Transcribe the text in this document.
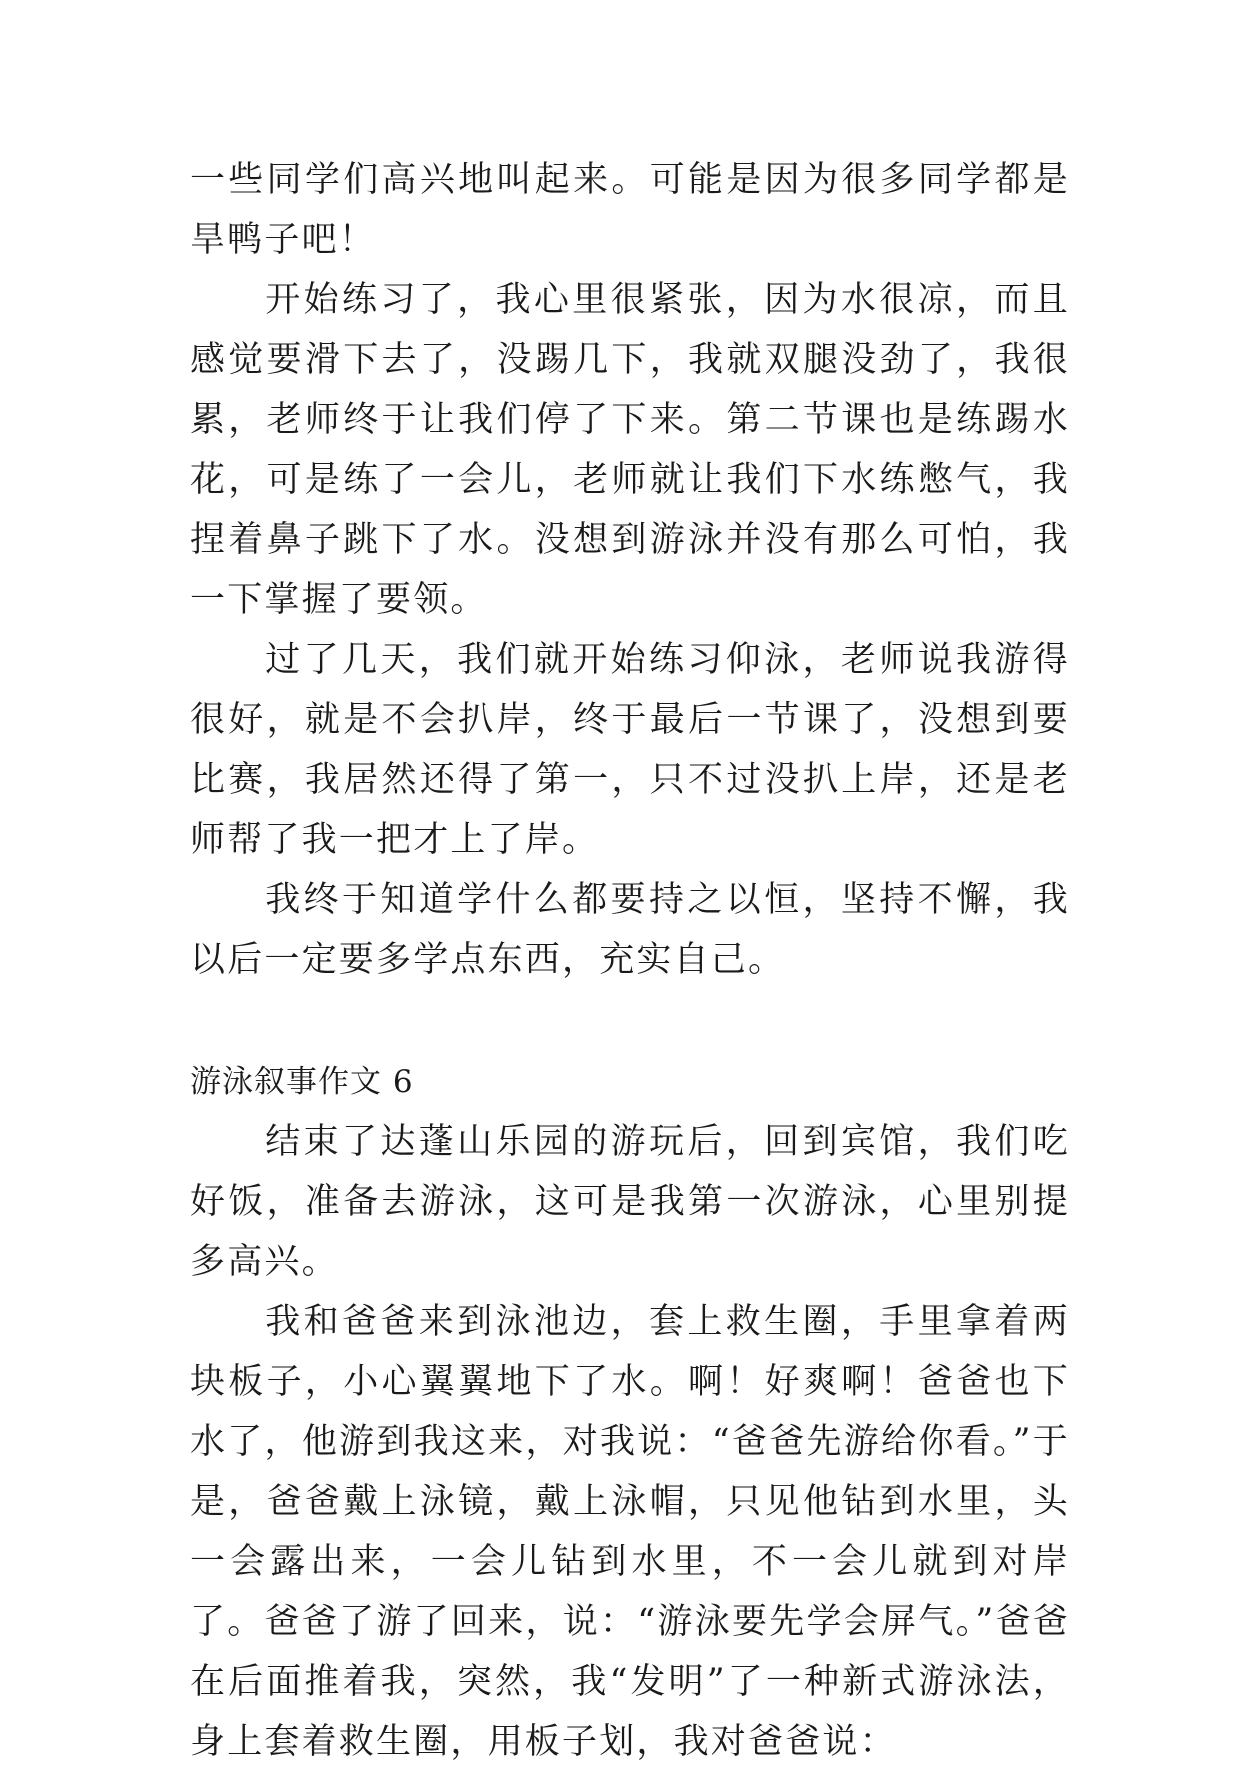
一些同学们高兴地叫起来。可能是因为很多同学都是旱鸭子吧！

开始练习了，我心里很紧张，因为水很凉，而且感觉要滑下去了，没踢几下，我就双腿没劲了，我很累，老师终于让我们停了下来。第二节课也是练踢水花，可是练了一会儿，老师就让我们下水练憋气，我捏着鼻子跳下了水。没想到游泳并没有那么可怕，我一下掌握了要领。

过了几天，我们就开始练习仰泳，老师说我游得很好，就是不会扒岸，终于最后一节课了，没想到要比赛，我居然还得了第一，只不过没扒上岸，还是老师帮了我一把才上了岸。

我终于知道学什么都要持之以恒，坚持不懈，我以后一定要多学点东西，充实自己。

游泳叙事作文 6

结束了达蓬山乐园的游玩后，回到宾馆，我们吃好饭，准备去游泳，这可是我第一次游泳，心里别提多高兴。

我和爸爸来到泳池边，套上救生圈，手里拿着两块板子，小心翼翼地下了水。啊！好爽啊！爸爸也下水了，他游到我这来，对我说：“爸爸先游给你看。”于是，爸爸戴上泳镜，戴上泳帽，只见他钻到水里，头一会露出来，一会儿钻到水里，不一会儿就到对岸了。爸爸了游了回来，说：“游泳要先学会屏气。”爸爸在后面推着我，突然，我“发明”了一种新式游泳法，身上套着救生圈，用板子划，我对爸爸说：
